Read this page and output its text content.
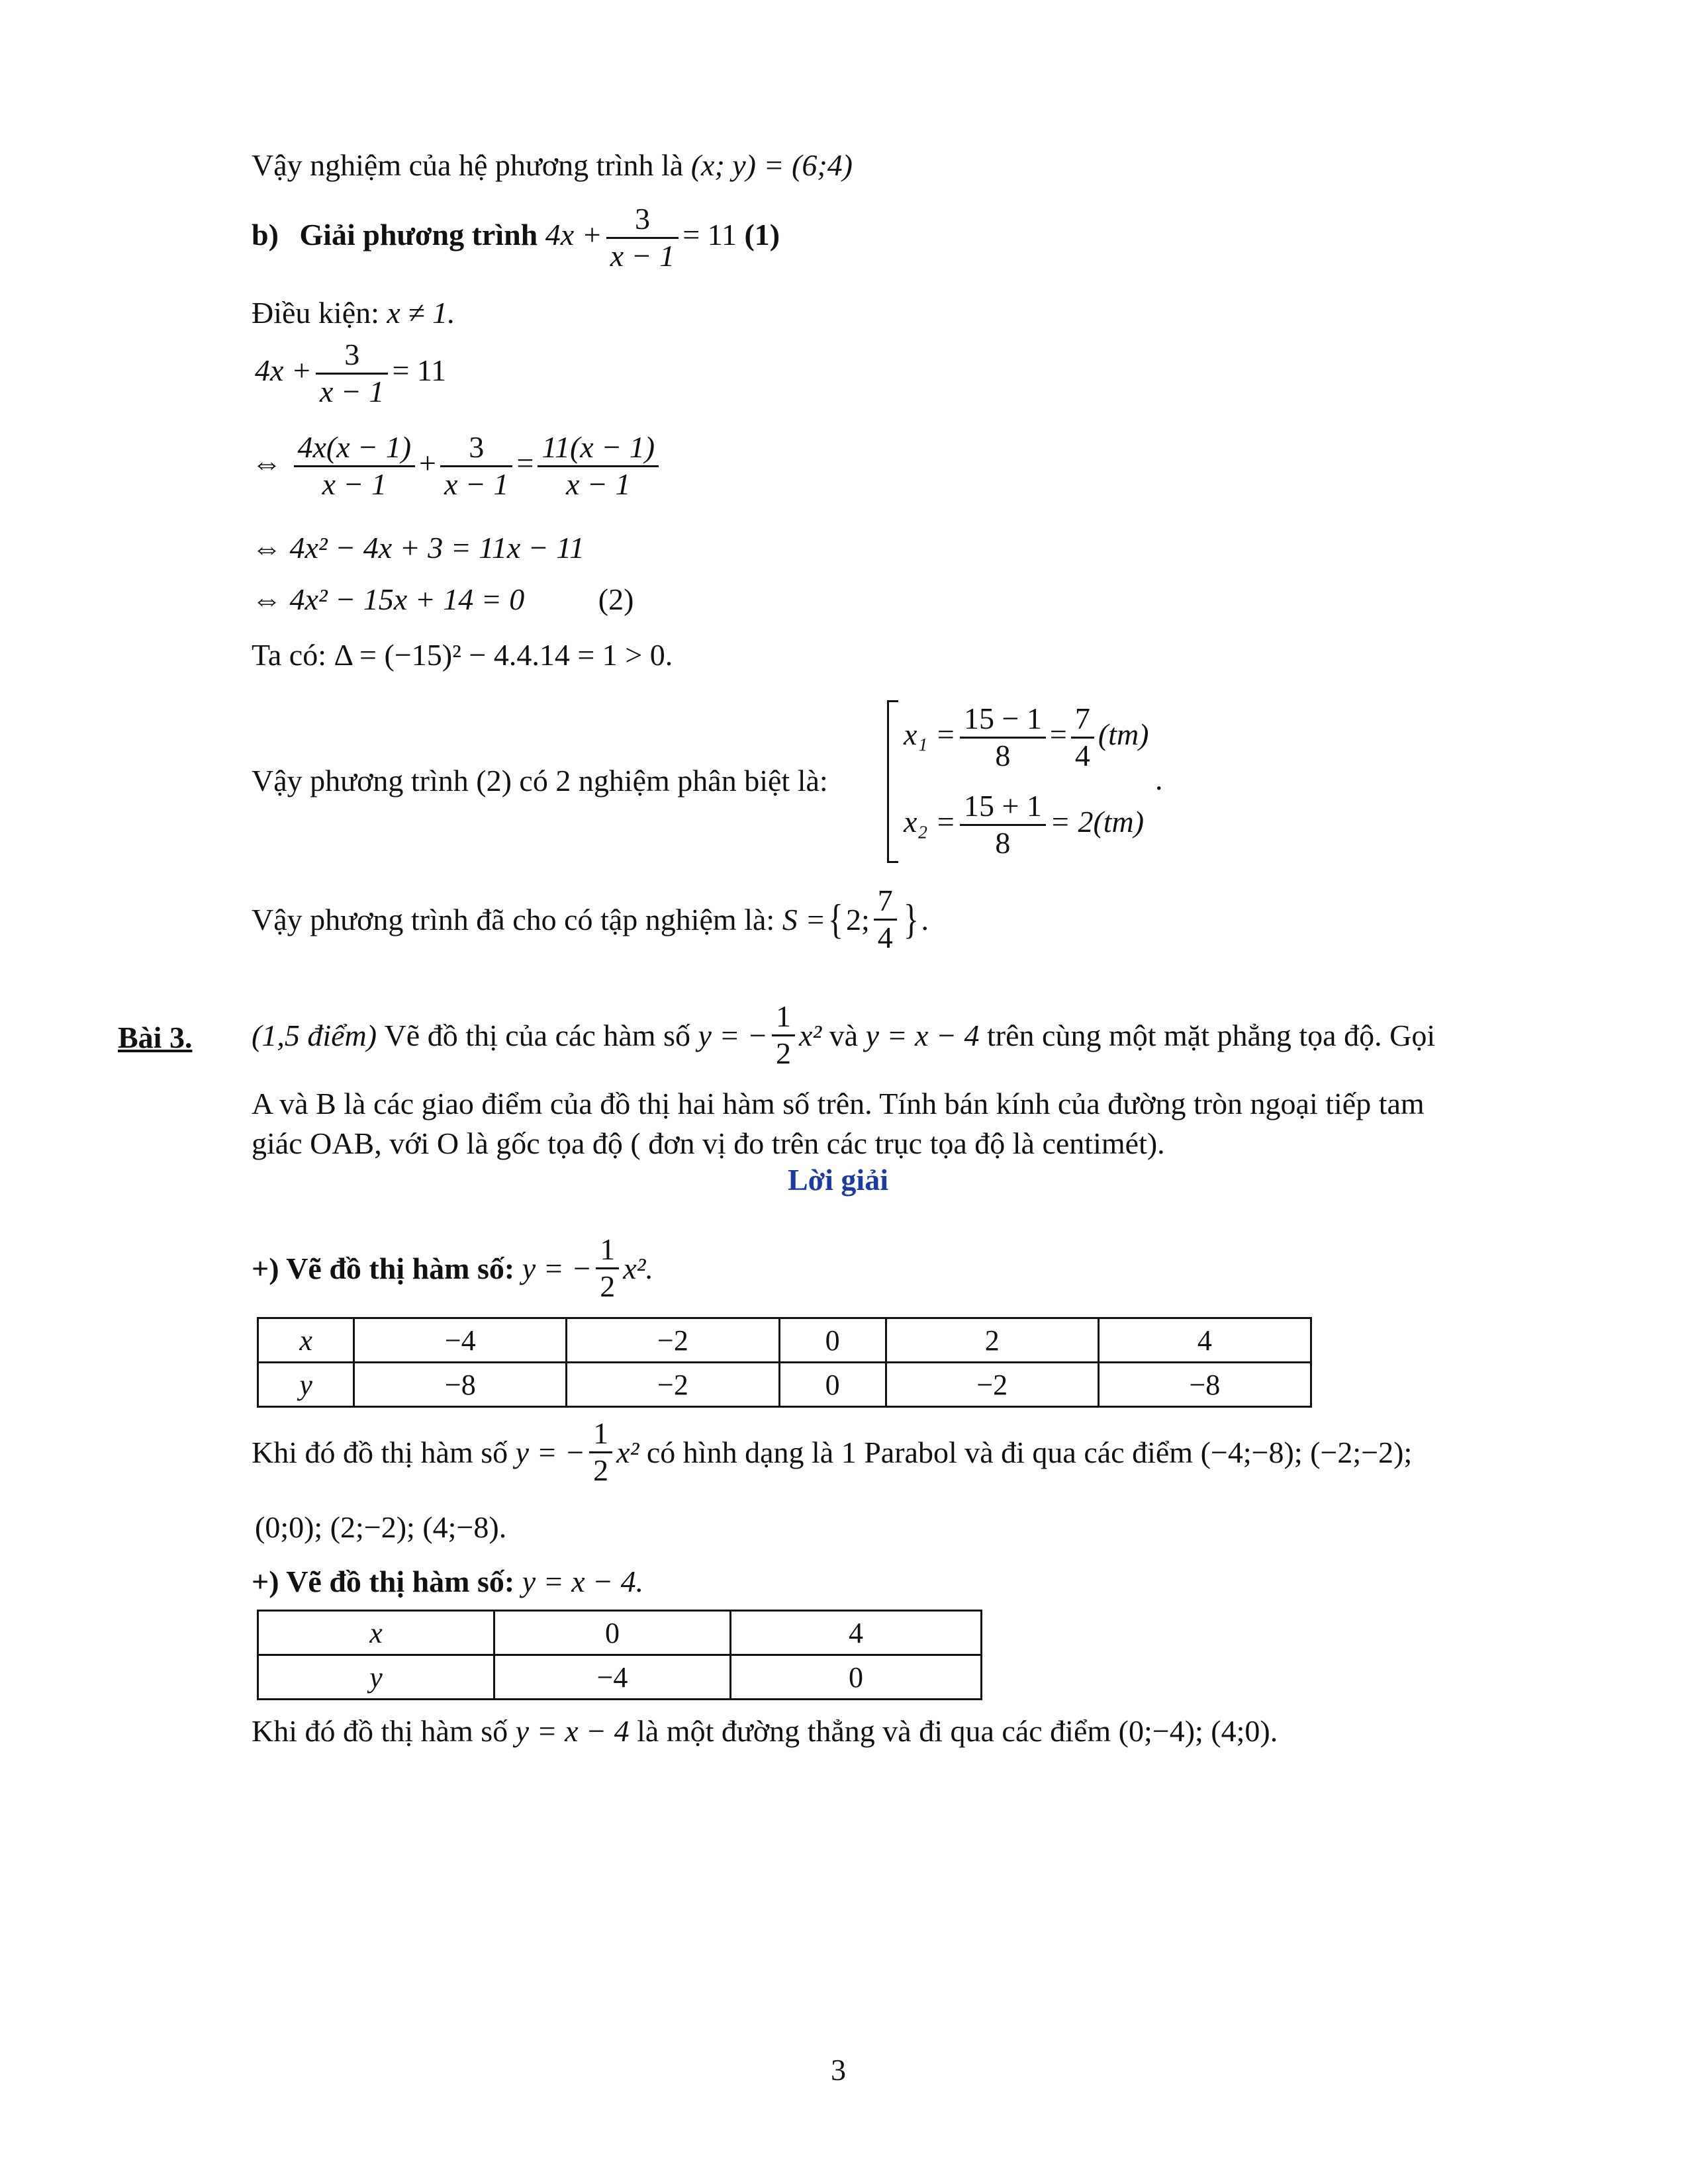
Vậy nghiệm của hệ phương trình là (x; y) = (6;4)
b) Giải phương trình $4x + \frac{3}{x - 1} = 11$ (1)
Điều kiện: x ≠ 1.
$4x + \frac{3}{x - 1} = 11$
⇔ $\frac{4x(x - 1)}{x - 1} + \frac{3}{x - 1} = \frac{11(x - 1)}{x - 1}$
⇔ 4x² − 4x + 3 = 11x − 11
⇔ 4x² − 15x + 14 = 0 (2)
Ta có: Δ = (−15)² − 4.4.14 = 1 > 0.
Vậy phương trình (2) có 2 nghiệm phân biệt là:
$x_1 = \frac{15 - 1}{8} = \frac{7}{4} (tm)$
$x_2 = \frac{15 + 1}{8} = 2(tm)$
.
Vậy phương trình đã cho có tập nghiệm là: S ={2; $\frac{7}{4}$ }.
Bài 3. (1,5 điểm) Vẽ đồ thị của các hàm số y = − $\frac{1}{2} x^2$ và y = x − 4 trên cùng một mặt phẳng tọa độ. Gọi
A và B là các giao điểm của đồ thị hai hàm số trên. Tính bán kính của đường tròn ngoại tiếp tam
giác OAB, với O là gốc tọa độ ( đơn vị đo trên các trục tọa độ là centimét).
Lời giải
+) Vẽ đồ thị hàm số: y = − $\frac{1}{2} x^2$.
x	−4	−2	0	2	4
y	−8	−2	0	−2	−8
Khi đó đồ thị hàm số y = − $\frac{1}{2} x^2$ có hình dạng là 1 Parabol và đi qua các điểm (−4;−8); (−2;−2);
(0;0); (2;−2); (4;−8).
+) Vẽ đồ thị hàm số: y = x − 4.
x	0	4
y	−4	0
Khi đó đồ thị hàm số y = x − 4 là một đường thẳng và đi qua các điểm (0;−4); (4;0).
3
